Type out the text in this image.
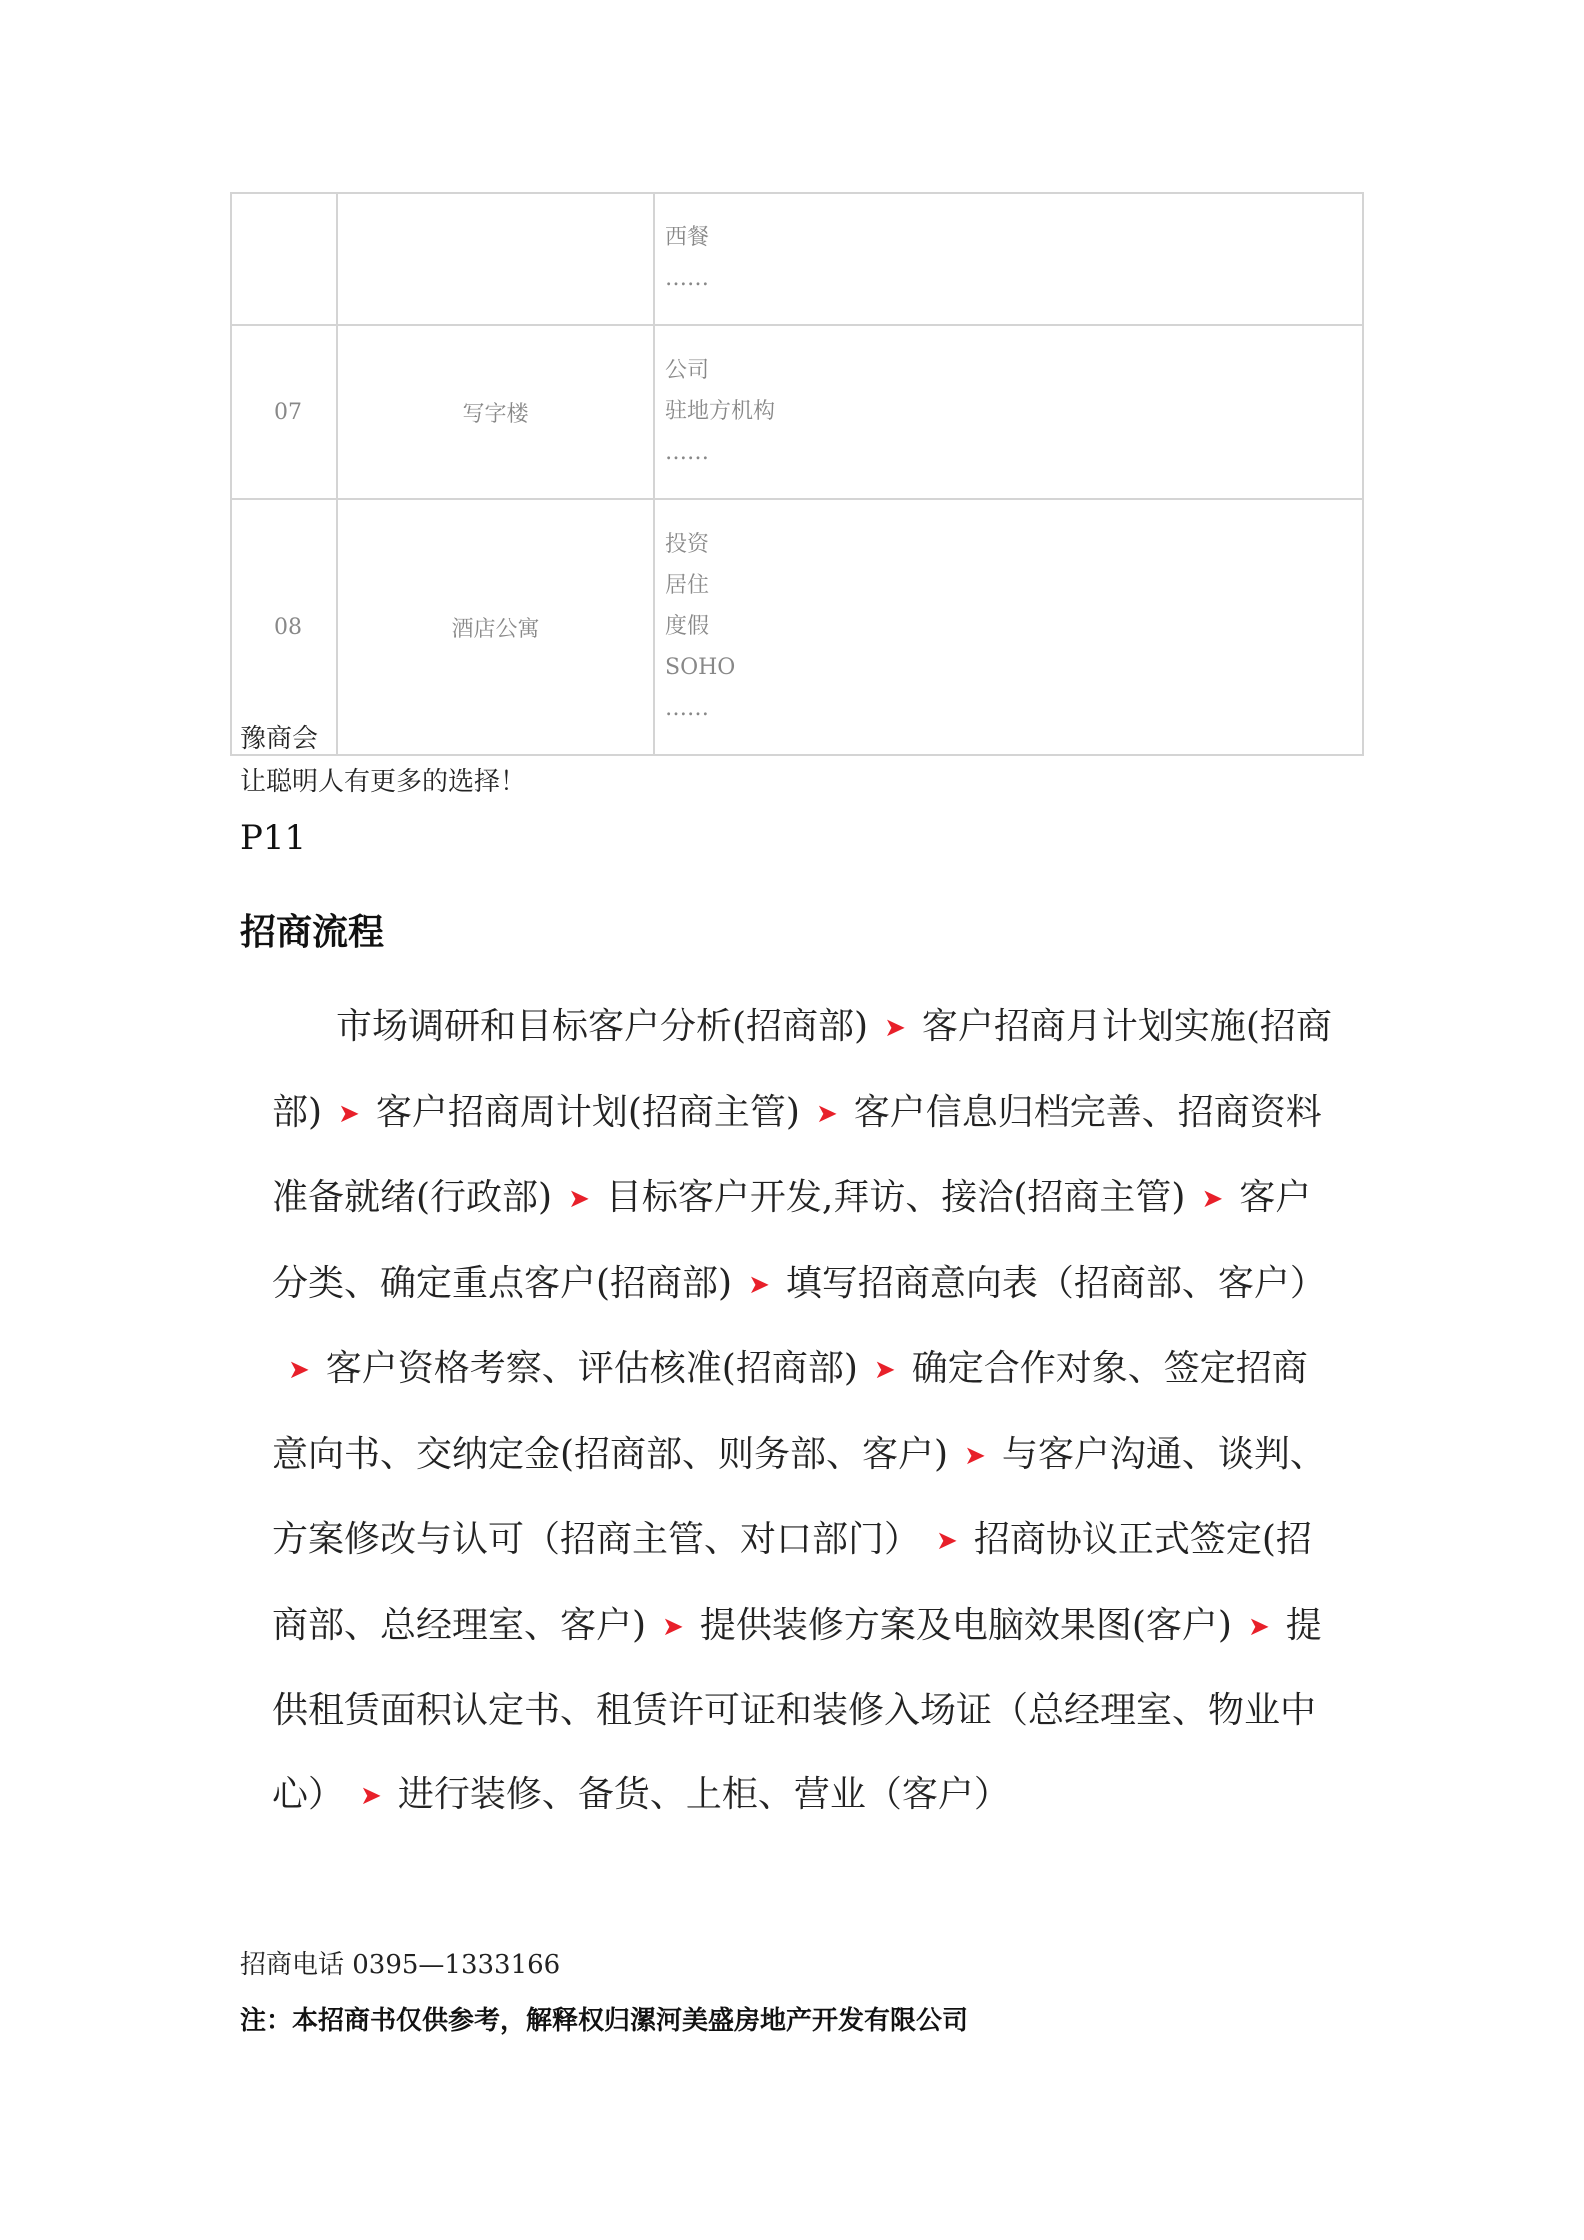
		西餐
……

07	写字楼	公司
驻地方机构
……

08	酒店公寓	投资
居住
度假
SOHO
……
豫商会
让聪明人有更多的选择！
P11
招商流程
市场调研和目标客户分析(招商部) ➤ 客户招商月计划实施(招商部) ➤ 客户招商周计划(招商主管) ➤ 客户信息归档完善、招商资料准备就绪(行政部) ➤ 目标客户开发,拜访、接洽(招商主管) ➤ 客户分类、确定重点客户(招商部) ➤ 填写招商意向表（招商部、客户）➤ 客户资格考察、评估核准(招商部) ➤ 确定合作对象、签定招商意向书、交纳定金(招商部、则务部、客户) ➤ 与客户沟通、谈判、方案修改与认可（招商主管、对口部门） ➤ 招商协议正式签定(招商部、总经理室、客户) ➤ 提供装修方案及电脑效果图(客户) ➤ 提供租赁面积认定书、租赁许可证和装修入场证（总经理室、物业中心） ➤ 进行装修、备货、上柜、营业（客户）
招商电话 0395—1333166
注：本招商书仅供参考，解释权归漯河美盛房地产开发有限公司
